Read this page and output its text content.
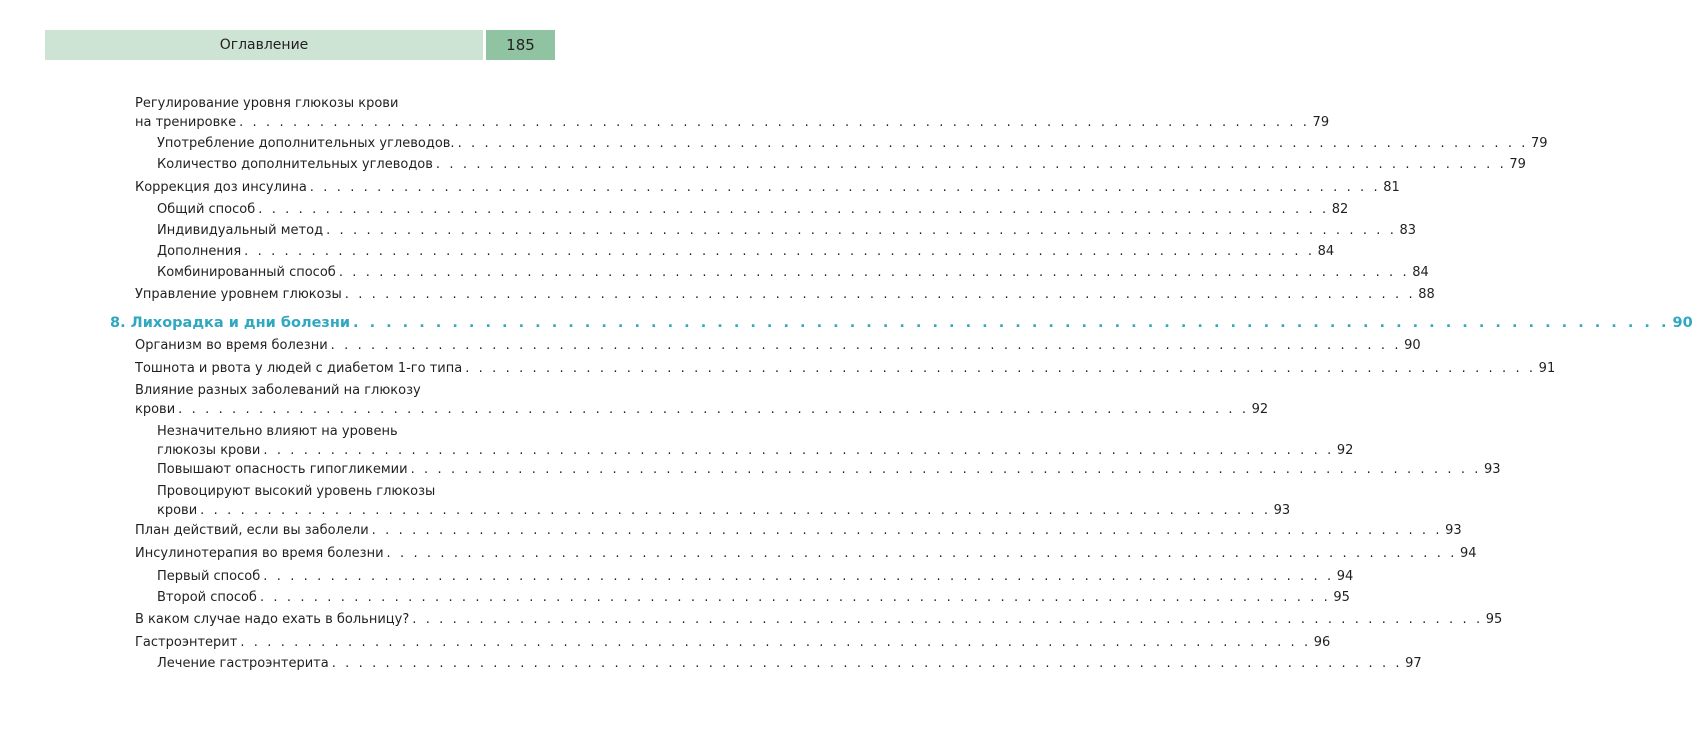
Оглавление	185
Регулирование уровня глюкозы крови
на тренировке . . . . . . . . . . . . . . . . . . . . . . . . . . . . . . . . . . . . . . . . . . . . . . . . . . . . . . . . . . . . . . . . . . . . . . . . . . . . . . . . 79
Употребление дополнительных углеводов. . . . . . . . . . . . . . . . . . . . . . . . . . . . . . . . . . . . . . . . . . . . . . . . . . . . . . . . . . . . . . . . . . . . . . . . . . . . . . . . . 79
Количество дополнительных углеводов . . . . . . . . . . . . . . . . . . . . . . . . . . . . . . . . . . . . . . . . . . . . . . . . . . . . . . . . . . . . . . . . . . . . . . . . . . . . . . . . 79
Коррекция доз инсулина . . . . . . . . . . . . . . . . . . . . . . . . . . . . . . . . . . . . . . . . . . . . . . . . . . . . . . . . . . . . . . . . . . . . . . . . . . . . . . . . 81
Общий способ . . . . . . . . . . . . . . . . . . . . . . . . . . . . . . . . . . . . . . . . . . . . . . . . . . . . . . . . . . . . . . . . . . . . . . . . . . . . . . . . 82
Индивидуальный метод . . . . . . . . . . . . . . . . . . . . . . . . . . . . . . . . . . . . . . . . . . . . . . . . . . . . . . . . . . . . . . . . . . . . . . . . . . . . . . . . 83
Дополнения . . . . . . . . . . . . . . . . . . . . . . . . . . . . . . . . . . . . . . . . . . . . . . . . . . . . . . . . . . . . . . . . . . . . . . . . . . . . . . . . 84
Комбинированный способ . . . . . . . . . . . . . . . . . . . . . . . . . . . . . . . . . . . . . . . . . . . . . . . . . . . . . . . . . . . . . . . . . . . . . . . . . . . . . . . . 84
Управление уровнем глюкозы . . . . . . . . . . . . . . . . . . . . . . . . . . . . . . . . . . . . . . . . . . . . . . . . . . . . . . . . . . . . . . . . . . . . . . . . . . . . . . . . 88
8. Лихорадка и дни болезни . . . . . . . . . . . . . . . . . . . . . . . . . . . . . . . . . . . . . . . . . . . . . . . . . . . . . . . . . . . . . . . . . . . . . . . . . . . . . . . . 90
Организм во время болезни . . . . . . . . . . . . . . . . . . . . . . . . . . . . . . . . . . . . . . . . . . . . . . . . . . . . . . . . . . . . . . . . . . . . . . . . . . . . . . . . 90
Тошнота и рвота у людей с диабетом 1-го типа . . . . . . . . . . . . . . . . . . . . . . . . . . . . . . . . . . . . . . . . . . . . . . . . . . . . . . . . . . . . . . . . . . . . . . . . . . . . . . . . 91
Влияние разных заболеваний на глюкозу
крови . . . . . . . . . . . . . . . . . . . . . . . . . . . . . . . . . . . . . . . . . . . . . . . . . . . . . . . . . . . . . . . . . . . . . . . . . . . . . . . . 92
Незначительно влияют на уровень
глюкозы крови . . . . . . . . . . . . . . . . . . . . . . . . . . . . . . . . . . . . . . . . . . . . . . . . . . . . . . . . . . . . . . . . . . . . . . . . . . . . . . . . 92
Повышают опасность гипогликемии . . . . . . . . . . . . . . . . . . . . . . . . . . . . . . . . . . . . . . . . . . . . . . . . . . . . . . . . . . . . . . . . . . . . . . . . . . . . . . . . 93
Провоцируют высокий уровень глюкозы
крови . . . . . . . . . . . . . . . . . . . . . . . . . . . . . . . . . . . . . . . . . . . . . . . . . . . . . . . . . . . . . . . . . . . . . . . . . . . . . . . . 93
План действий, если вы заболели . . . . . . . . . . . . . . . . . . . . . . . . . . . . . . . . . . . . . . . . . . . . . . . . . . . . . . . . . . . . . . . . . . . . . . . . . . . . . . . . 93
Инсулинотерапия во время болезни . . . . . . . . . . . . . . . . . . . . . . . . . . . . . . . . . . . . . . . . . . . . . . . . . . . . . . . . . . . . . . . . . . . . . . . . . . . . . . . . 94
Первый способ . . . . . . . . . . . . . . . . . . . . . . . . . . . . . . . . . . . . . . . . . . . . . . . . . . . . . . . . . . . . . . . . . . . . . . . . . . . . . . . . 94
Второй способ . . . . . . . . . . . . . . . . . . . . . . . . . . . . . . . . . . . . . . . . . . . . . . . . . . . . . . . . . . . . . . . . . . . . . . . . . . . . . . . . 95
В каком случае надо ехать в больницу? . . . . . . . . . . . . . . . . . . . . . . . . . . . . . . . . . . . . . . . . . . . . . . . . . . . . . . . . . . . . . . . . . . . . . . . . . . . . . . . . 95
Гастроэнтерит . . . . . . . . . . . . . . . . . . . . . . . . . . . . . . . . . . . . . . . . . . . . . . . . . . . . . . . . . . . . . . . . . . . . . . . . . . . . . . . . 96
Лечение гастроэнтерита . . . . . . . . . . . . . . . . . . . . . . . . . . . . . . . . . . . . . . . . . . . . . . . . . . . . . . . . . . . . . . . . . . . . . . . . . . . . . . . . 97
